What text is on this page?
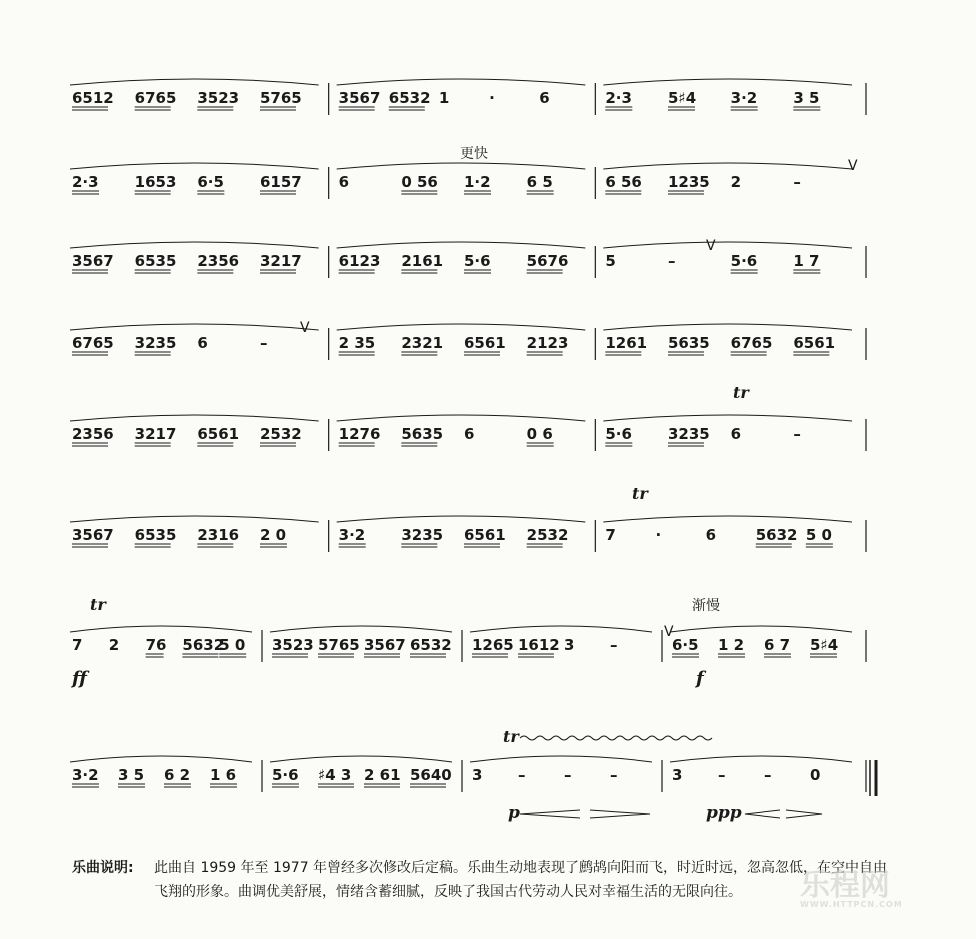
6512 6765 3523 5765 3567 6532 1	·	6	2·3 5♯4 3·2 3 5
2·3 1653 6·5 6157 6	0 56 1·2 6 5	6 56 1235 2	–
3567 6535 2356 3217 6123 2161 5·6 5676 5	–	5·6 1 7
6765 3235 6	–	2 35 2321 6561 2123 1261 5635 6765 6561
2356 3217 6561 2532 1276 5635 6	0 6	5·6 3235 6	–
3567 6535 2316 2 0	3·2 3235 6561 2532 7	·	6	5632 5 0
7 2 76 5632
5 0 3523 5765 3567 6532 1265 1612 3 –	6·5 1 2 6 7 5♯4
3·2 3 5 6 2 1 6 5·6 ♯4 3 2 61 5640 3 –	–	–	3 –	–	0
更快
渐慢
tr
tr
tr
tr
ff	f
p	ppp
V
V
V
V
乐曲说明: 此曲自 1959 年至 1977 年曾经多次修改后定稿。乐曲生动地表现了鹧鸪向阳而飞，时近时远，忽高忽低，在空中自由飞翔的形象。曲调优美舒展，情绪含蓄细腻，反映了我国古代劳动人民对幸福生活的无限向往。	乐程网
WWW.HTTPCN.COM
